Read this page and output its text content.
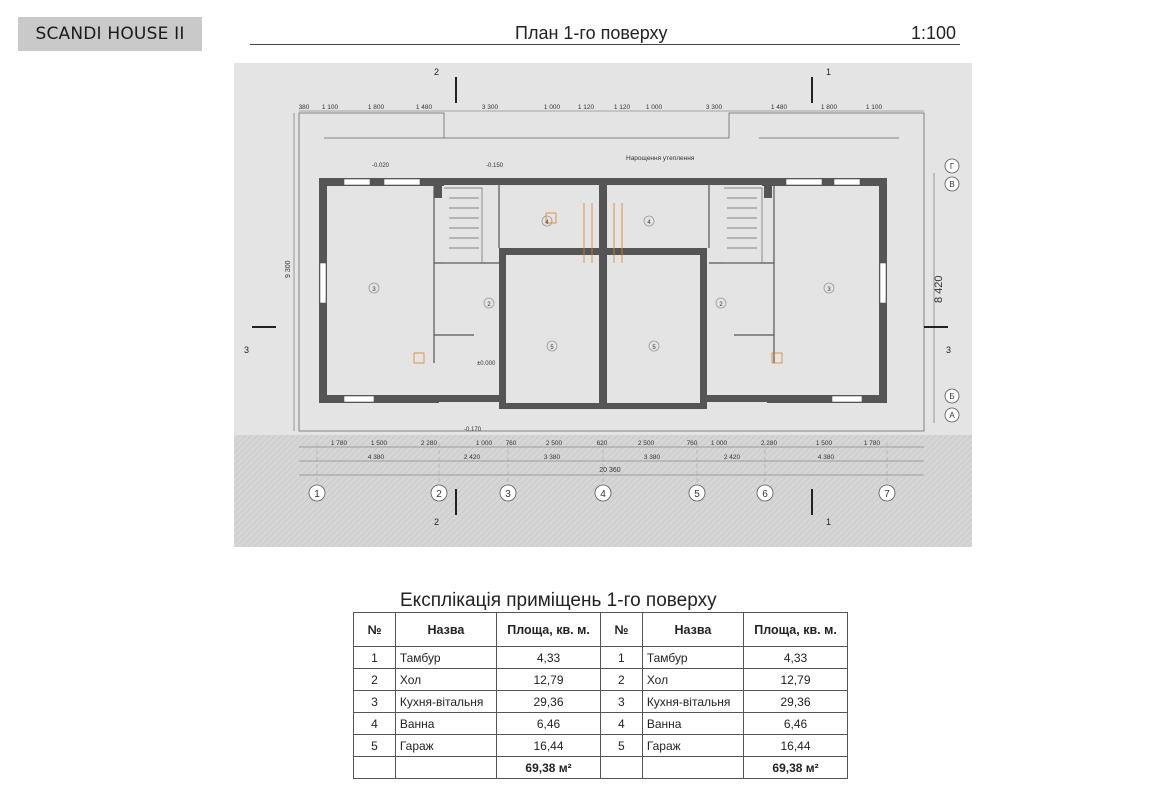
SCANDI HOUSE II	План 1-го поверху	1:100
1	2	3	4	5	6	7
Г
В
Б
А
380 1 100	1 800	1 480	3 300	1 000	1 120	1 120 1 000	3 300	1 480	1 800	1 100
1 780	1 500	2 280	1 000 760	2 500	620	2 500	760 1 000	2 280	1 500	1 780
4 380	2 420	3 380	3 380	2 420	4 380
20 360
8 420
9 300
Нарощення утеплення
-0.020	-0.150
-0.170
±0.000
2	1
2	1
3	3
3
2
5	5
3
2
4	4
Експлікація приміщень 1-го поверху
№	Назва	Площа, кв. м.	№	Назва	Площа, кв. м.
1	Тамбур	4,33	1	Тамбур	4,33
2	Хол	12,79	2	Хол	12,79
3	Кухня-вітальня	29,36	3	Кухня-вітальня	29,36
4	Ванна	6,46	4	Ванна	6,46
5	Гараж	16,44	5	Гараж	16,44
		69,38 м²			69,38 м²
